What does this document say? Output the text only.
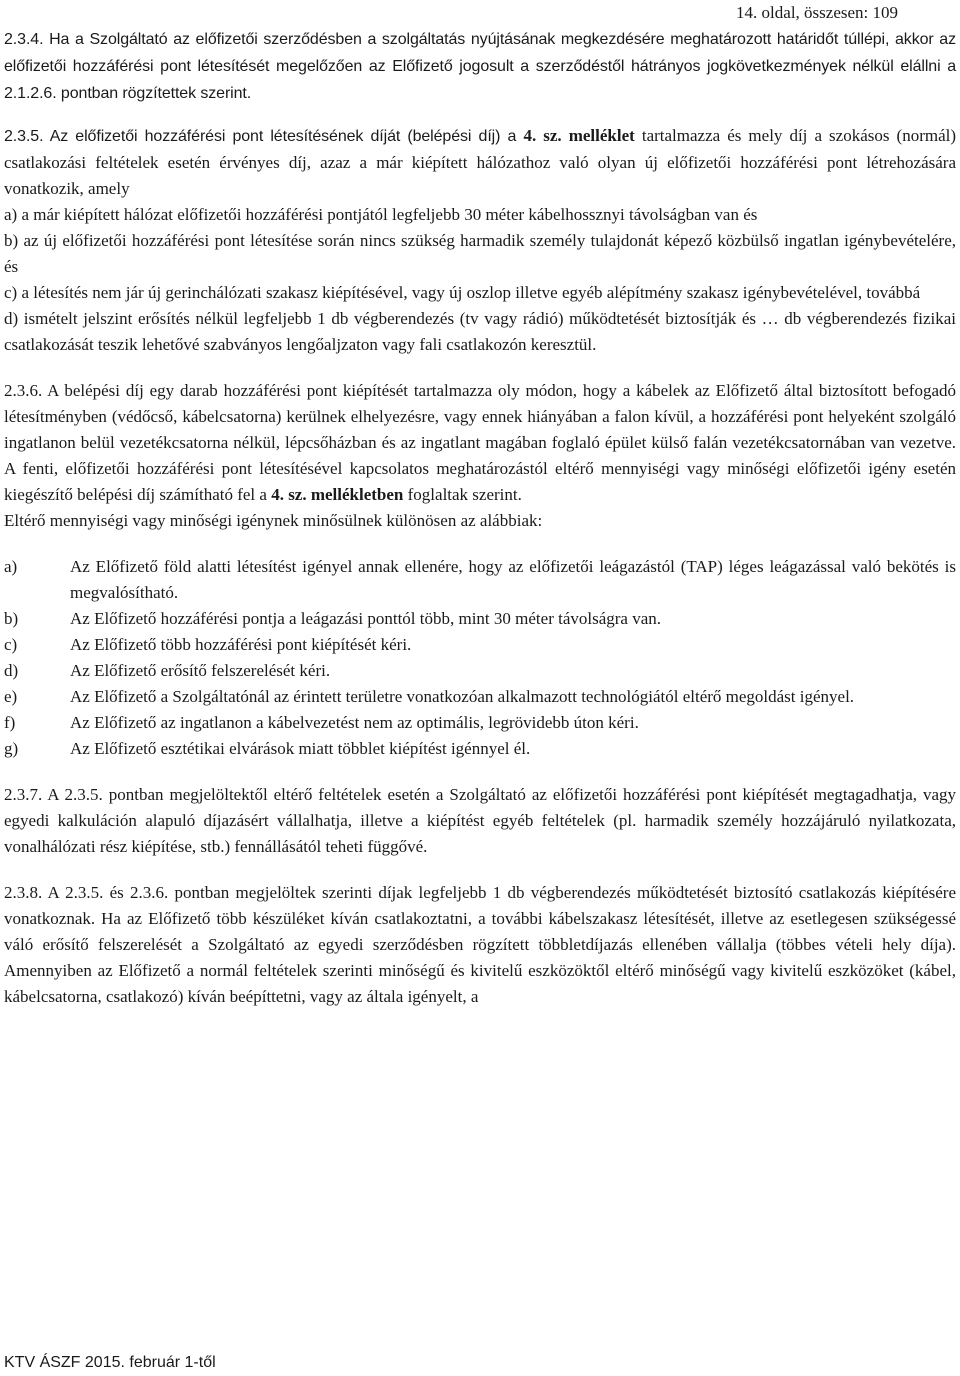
14. oldal, összesen: 109

2.3.4. Ha a Szolgáltató az előfizetői szerződésben a szolgáltatás nyújtásának megkezdésére meghatározott határidőt túllépi, akkor az előfizetői hozzáférési pont létesítését megelőzően az Előfizető jogosult a szerződéstől hátrányos jogkövetkezmények nélkül elállni a 2.1.2.6. pontban rögzítettek szerint.

2.3.5. Az előfizetői hozzáférési pont létesítésének díját (belépési díj) a 4. sz. melléklet tartalmazza és mely díj a szokásos (normál) csatlakozási feltételek esetén érvényes díj, azaz a már kiépített hálózathoz való olyan új előfizetői hozzáférési pont létrehozására vonatkozik, amely

a) a már kiépített hálózat előfizetői hozzáférési pontjától legfeljebb 30 méter kábelhossznyi távolságban van és

b) az új előfizetői hozzáférési pont létesítése során nincs szükség harmadik személy tulajdonát képező közbülső ingatlan igénybevételére, és

c) a létesítés nem jár új gerinchálózati szakasz kiépítésével, vagy új oszlop illetve egyéb alépítmény szakasz igénybevételével, továbbá

d) ismételt jelszint erősítés nélkül legfeljebb 1 db végberendezés (tv vagy rádió) működtetését biztosítják és … db végberendezés fizikai csatlakozását teszik lehetővé szabványos lengőaljzaton vagy fali csatlakozón keresztül.

2.3.6. A belépési díj egy darab hozzáférési pont kiépítését tartalmazza oly módon, hogy a kábelek az Előfizető által biztosított befogadó létesítményben (védőcső, kábelcsatorna) kerülnek elhelyezésre, vagy ennek hiányában a falon kívül, a hozzáférési pont helyeként szolgáló ingatlanon belül vezetékcsatorna nélkül, lépcsőházban és az ingatlant magában foglaló épület külső falán vezetékcsatornában van vezetve. A fenti, előfizetői hozzáférési pont létesítésével kapcsolatos meghatározástól eltérő mennyiségi vagy minőségi előfizetői igény esetén kiegészítő belépési díj számítható fel a 4. sz. mellékletben foglaltak szerint.

Eltérő mennyiségi vagy minőségi igénynek minősülnek különösen az alábbiak:

a)	Az Előfizető föld alatti létesítést igényel annak ellenére, hogy az előfizetői leágazástól (TAP) léges leágazással való bekötés is megvalósítható.
b)	Az Előfizető hozzáférési pontja a leágazási ponttól több, mint 30 méter távolságra van.
c)	Az Előfizető több hozzáférési pont kiépítését kéri.
d)	Az Előfizető erősítő felszerelését kéri.
e)	Az Előfizető a Szolgáltatónál az érintett területre vonatkozóan alkalmazott technológiától eltérő megoldást igényel.
f)	Az Előfizető az ingatlanon a kábelvezetést nem az optimális, legrövidebb úton kéri.
g)	Az Előfizető esztétikai elvárások miatt többlet kiépítést igénnyel él.

2.3.7. A 2.3.5. pontban megjelöltektől eltérő feltételek esetén a Szolgáltató az előfizetői hozzáférési pont kiépítését megtagadhatja, vagy egyedi kalkuláción alapuló díjazásért vállalhatja, illetve a kiépítést egyéb feltételek (pl. harmadik személy hozzájáruló nyilatkozata, vonalhálózati rész kiépítése, stb.) fennállásától teheti függővé.

2.3.8. A 2.3.5. és 2.3.6. pontban megjelöltek szerinti díjak legfeljebb 1 db végberendezés működtetését biztosító csatlakozás kiépítésére vonatkoznak. Ha az Előfizető több készüléket kíván csatlakoztatni, a további kábelszakasz létesítését, illetve az esetlegesen szükségessé váló erősítő felszerelését a Szolgáltató az egyedi szerződésben rögzített többletdíjazás ellenében vállalja (többes vételi hely díja). Amennyiben az Előfizető a normál feltételek szerinti minőségű és kivitelű eszközöktől eltérő minőségű vagy kivitelű eszközöket (kábel, kábelcsatorna, csatlakozó) kíván beépíttetni, vagy az általa igényelt, a

KTV ÁSZF 2015. február 1-től
